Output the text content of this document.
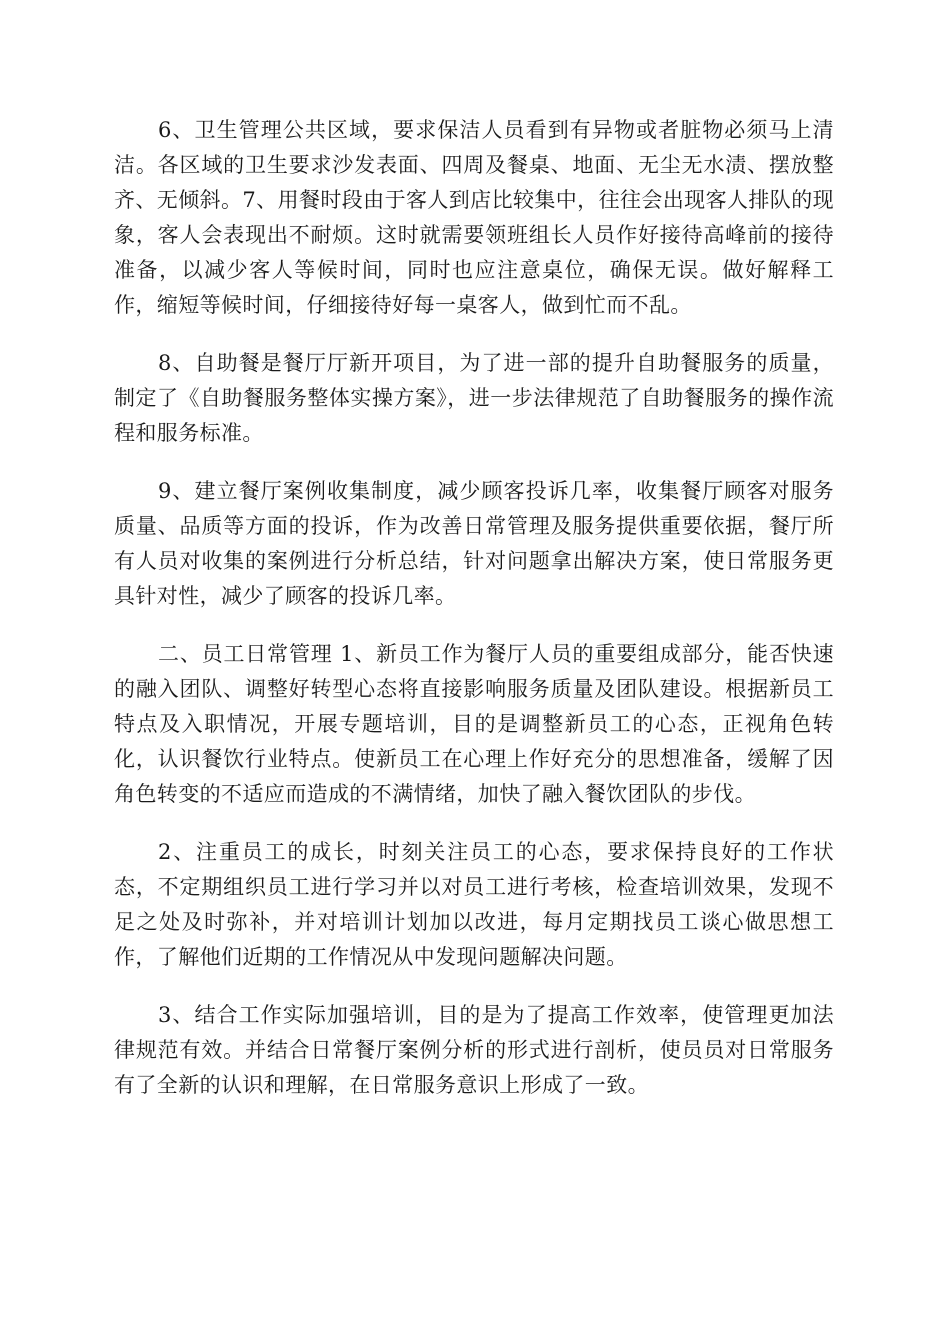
6、卫生管理公共区域，要求保洁人员看到有异物或者脏物必须马上清洁。各区域的卫生要求沙发表面、四周及餐桌、地面、无尘无水渍、摆放整齐、无倾斜。7、用餐时段由于客人到店比较集中，往往会出现客人排队的现象，客人会表现出不耐烦。这时就需要领班组长人员作好接待高峰前的接待准备，以减少客人等候时间，同时也应注意桌位，确保无误。做好解释工作，缩短等候时间，仔细接待好每一桌客人，做到忙而不乱。

8、自助餐是餐厅厅新开项目，为了进一部的提升自助餐服务的质量，制定了《自助餐服务整体实操方案》，进一步法律规范了自助餐服务的操作流程和服务标准。

9、建立餐厅案例收集制度，减少顾客投诉几率，收集餐厅顾客对服务质量、品质等方面的投诉，作为改善日常管理及服务提供重要依据，餐厅所有人员对收集的案例进行分析总结，针对问题拿出解决方案，使日常服务更具针对性，减少了顾客的投诉几率。

二、员工日常管理 1、新员工作为餐厅人员的重要组成部分，能否快速的融入团队、调整好转型心态将直接影响服务质量及团队建设。根据新员工特点及入职情况，开展专题培训，目的是调整新员工的心态，正视角色转化，认识餐饮行业特点。使新员工在心理上作好充分的思想准备，缓解了因角色转变的不适应而造成的不满情绪，加快了融入餐饮团队的步伐。

2、注重员工的成长，时刻关注员工的心态，要求保持良好的工作状态，不定期组织员工进行学习并以对员工进行考核，检查培训效果，发现不足之处及时弥补，并对培训计划加以改进，每月定期找员工谈心做思想工作，了解他们近期的工作情况从中发现问题解决问题。

3、结合工作实际加强培训，目的是为了提高工作效率，使管理更加法律规范有效。并结合日常餐厅案例分析的形式进行剖析，使员员对日常服务有了全新的认识和理解，在日常服务意识上形成了一致。
